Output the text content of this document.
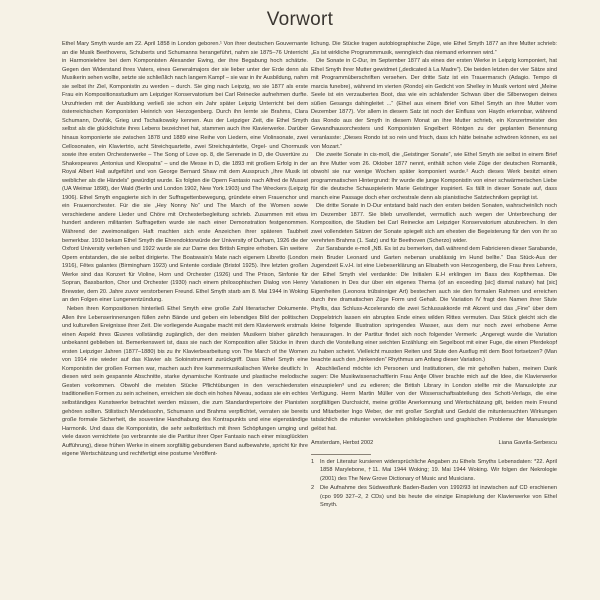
Vorwort

Ethel Mary Smyth wurde am 22. April 1858 in London geboren.¹ Von ihrer deutschen Gouvernante an die Musik Beethovens, Schuberts und Schumanns herangeführt, nahm sie 1875–76 Unterricht in Harmonielehre bei dem Komponisten Alexander Ewing, der ihre Begabung hoch schätzte. Gegen den Widerstand ihres Vaters, eines Generalmajors der sie lieber unter der Erde denn als Musikerin sehen wollte, setzte sie schließlich nach langem Kampf – sie war in ihr Ausbildung, nahm sie selbst ihr Ziel, Komponistin zu werden – durch. Sie ging nach Leipzig, wo sie 1877 als erste Frau ein Kompositionsstudium am Leipziger Konservatorium bei Carl Reinecke aufnehmen durfte. Unzufrieden mit der Ausbildung verließ sie schon ein Jahr später Leipzig Unterricht bei dem österreichischen Komponisten Heinrich von Herzogenberg. Durch ihn lernte sie Brahms, Clara Schumann, Dvořák, Grieg und Tschaikowsky kennen. Aus der Leipziger Zeit, die Ethel Smyth selbst als die glücklichste ihres Lebens bezeichnet hat, stammen auch ihre Klavierwerke. Darüber hinaus komponierte sie zwischen 1878 und 1889 eine Reihe von Liedern, eine Violinsonate, zwei Cellosonaten, ein Klaviertrio, acht Streichquartette, zwei Streichquintette, Orgel- und Chormusik sowie ihre ersten Orchesterwerke – The Song of Love op. 8, die Serenade in D, die Ouvertüre zu Shakespeares „Antonius und Kleopatra“ – und die Messe in D, die 1893 mit großem Erfolg in der Royal Albert Hall aufgeführt und von George Bernard Shaw mit dem Ausspruch „Ihre Musik ist weiblicher als die Händels“ gewürdigt wurde. Es folgten die Opern Fantasio nach Alfred de Musset (UA Weimar 1898), der Wald (Berlin und London 1902, New York 1903) und The Wreckers (Leipzig 1906). Ethel Smyth engagierte sich in der Suffragettenbewegung, gründete einen Frauenchor und ein Frauenorchester. Für die sie „Hey Nonny No“ und The March of the Women sowie verschiedene andere Lieder und Chöre mit Orchesterbegleitung schrieb. Zusammen mit etwa hundert anderen militanten Suffragetten wurde sie nach einer Demonstration festgenommen. Während der zweimonatigen Haft machten sich erste Anzeichen ihrer späteren Taubheit bemerkbar. 1910 bekam Ethel Smyth die Ehrendoktorwürde der University of Durham, 1926 die der Oxford University verliehen und 1922 wurde sie zur Dame des British Empire erhoben. Ein weitere Opern entstanden, die sie selbst dirigierte. The Boatswain's Mate nach eigenem Libretto (London 1916), Fêtes galantes (Birmingham 1923) und Entente cordiale (Bristol 1925). Ihre letzten großen Werke sind das Konzert für Violine, Horn und Orchester (1926) und The Prison, Sinfonie für Sopran, Bassbariton, Chor und Orchester (1930) nach einem philosophischen Dialog von Henry Brewster, dem 20. Jahre zuvor verstorbenen Freund. Ethel Smyth starb am 8. Mai 1944 in Woking an den Folgen einer Lungenentzündung.

Neben ihren Kompositionen hinterließ Ethel Smyth eine große Zahl literarischer Dokumente. Allen ihre Lebenserinnerungen füllen zehn Bände und geben ein lebendiges Bild der politischen und kulturellen Ereignisse ihrer Zeit. Die vorliegende Ausgabe macht mit dem Klavierwerk erstmals einen Aspekt ihres Œuvres vollständig zugänglich, der den meisten Musikern bisher gänzlich unbekannt geblieben ist. Bemerkenswert ist, dass sie nach der Komposition aller Stücke in ihren ersten Leipziger Jahren (1877–1880) bis zu ihr Klavierbearbeitung von The March of the Women von 1914 nie wieder auf das Klavier als Soloinstrument zurückgriff. Dass Ethel Smyth eine Komponistin der großen Formen war, machen auch ihre kammermusikalischen Werke deutlich: In diesen wird sein gespannte Abschnitte, starke dynamische Kontraste und plastische melodische Gesten vorkommen. Obwohl die meisten Stücke Pflichtübungen in den verschiedensten traditionellen Formen zu sein scheinen, erreichen sie doch ein hohes Niveau, sodass sie ein echtes selbständiges Kunstwerke betrachtet werden müssen, die zum Standardrepertoire der Pianisten gehören sollten. Stilistisch Mendelssohn, Schumann und Brahms verpflichtet, verraten sie bereits große formale Sicherheit, die souveräne Handhabung des Kontrapunkts und eine eigenständige Harmonik. Und dass die Komponistin, die sehr selbstkritisch mit ihren Schöpfungen umging und viele davon vernichtete (so verbrannte sie die Partitur ihrer Oper Fantasio nach einer missglückten Aufführung), diese frühen Werke in einem sorgfältig gebundenen Band aufbewahrte, spricht für ihre eigene Wertschätzung und rechtfertigt eine postume Veröffent-

lichung. Die Stücke tragen autobiographische Züge, wie Ethel Smyth 1877 an ihre Mutter schrieb: „Es ist wirkliche Programmmusik, wenngleich das niemand erkennen wird.“

Die Sonate in C-Dur, im September 1877 als eines der ersten Werke in Leipzig komponiert, hat Ethel Smyth ihrer Mutter gewidmet („dedicated à La Madre“). Die beiden letzten der vier Sätze sind mit Programmüberschriften versehen. Der dritte Satz ist ein Trauermarsch (Adagio. Tempo di marcia funebre), während im vierten (Rondo) ein Gedicht von Shelley in Musik vertont wird „Meine Seele ist ein verzaubertes Boot, das wie ein schlafender Schwan über die Silberwogen deines süßen Gesangs dahingleitet ...“ (Ethel aus einem Brief von Ethel Smyth an ihre Mutter vom Dezember 1877). Vor allem in diesem Satz ist noch der Einfluss von Haydn erkennbar, während das Rondo aus der Smyth in diesem Monat an ihre Mutter schrieb, ein Konzertmeister des Gewandhausorchesters und Komponisten Engelbert Röntgen zu der geplanten Benennung veranlasste: „Dieses Rondo ist so rein und frisch, dass ich hätte beinahe schwören können, es sei von Mozart.“

Die zweite Sonate in cis-moll, die „Geistinger Sonate“, wie Ethel Smyth sie selbst in einem Brief an ihre Mutter vom 26. Oktober 1877 nennt, enthält schon viele Züge der deutschen Romantik, obwohl sie nur wenige Wochen später komponiert wurde.² Auch dieses Werk besitzt einen programmatischen Hintergrund: Ihr wurde die junge Komponistin von einer schwärmerischen Liebe für die deutsche Schauspielerin Marie Geistinger inspiriert. Es fällt in dieser Sonate auf, dass manch eine Passage doch eher orchestrale denn als pianistische Satztechniken geprägt ist.

Die dritte Sonate in D-Dur entstand bald nach den ersten beiden Sonaten, wahrscheinlich noch im Dezember 1877. Sie blieb unvollendet, vermutlich auch wegen der Unterbrechung der Komposition, die Studien bei Carl Reinecke am Leipziger Konservatorium abzubrechen. In den zwei vollendeten Sätzen der Sonate spiegelt sich am ehesten die Begeisterung für den von ihr so verehrten Brahms (1. Satz) und für Beethoven (Scherzo) wider.

Zur Sarabande e-moll „NB. Es ist zu bemerken, daß während dem Fabricieren dieser Sarabande, mein Bruder Leonard und Garten nebenan unablässig im Hund bellte.“ Das Stück-Aus der Jugendzeit E.v.H. ist eine Liebeserklärung an Elisabeth von Herzogenberg, die Frau ihres Lehrers, der Ethel Smyth viel verdankte: Die Initialen E.H erklingen im Bass des Kopfthemas. Die Variationen in Des dur über ein eigenes Thema (of an exceeding [sic] dismal nature) hat [sic] Eigenheiten (Leonora trübsinniger Art) bestechen auch sie den formalen Rahmen und erreichen durch ihre dramatischen Züge Form und Gehalt. Die Variation IV fragt den Namen ihrer Stute Phyllis, das Schluss-Accelerando die zwei Schlussakkorde mit Akzent und das „Fine“ über dem Doppelstrich lassen ein abruptes Ende eines wilden Rittes vermuten. Das Stück gleicht sich die kleine folgende Illustration springendes Wasser, aus dem nur noch zwei erhobene Arme herausragen. In der Partitur findet sich noch folgender Vermerk: „Angeregt wurde die Variation durch die Vorstellung einer seichten Erzählung: ein Segelboot mit einer Fuge, die einen Pferdekopf zu haben scheint. Vielleicht mussten Reiten und Stute den Ausflug mit dem Boot fortsetzen? (Man beachte auch den „hinkenden“ Rhythmus am Anfang dieser Variation.)

Abschließend möchte ich Personen und Institutionen, die mir geholfen haben, meinen Dank sagen: Die Musikwissenschaftlerin Frau Antje Oliver brachte mich auf die Idee, die Klavierwerke einzuspielen³ und zu edieren; die British Library in London stellte mir die Manuskripte zur Verfügung. Herrn Martin Müller von der Wissenschaftsabteilung des Schott-Verlags, die eine sorgfältigen Durchsicht, meine größte Anerkennung und Wertschätzung gilt, beiden mein Freund und Mitarbeiter Ingo Weber, der mit großer Sorgfalt und Geduld die mituntersuchten Wirkungen tatsächlich die mitunter verwickelten philologischen und graphischen Probleme der Manuskripte gelöst hat.

Amsterdam, Herbst 2002	Liana Gavrila-Serbescu

1	In der Literatur kursieren widersprüchliche Angaben zu Ethels Smyths Lebensdaten: *22. April 1858 Marylebone, †11. Mai 1944 Woking; 19. Mai 1944 Woking. Wir folgen der Nekrologie (2001) des The New Grove Dictionary of Music and Musicians.

2	Die Aufnahme des Südwestfunk Baden-Baden von 1992/93 ist inzwischen auf CD erschienen (cpo 999 327–2, 2 CDs) und bis heute die einzige Einspielung der Klavierwerke von Ethel Smyth.
